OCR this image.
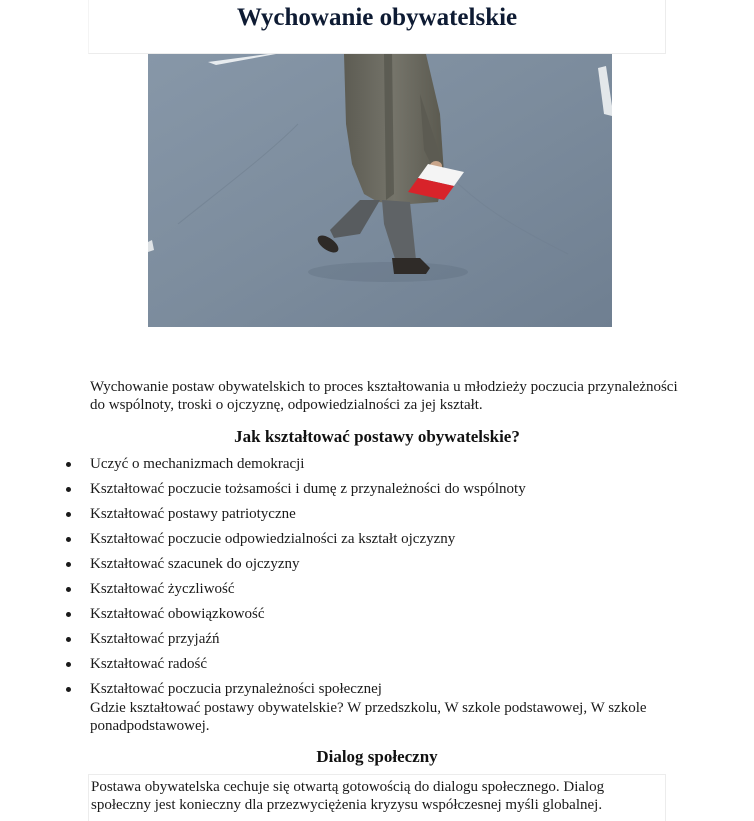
Wychowanie obywatelskie

Wychowanie postaw obywatelskich to proces kształtowania u młodzieży poczucia przynależności do wspólnoty, troski o ojczyznę, odpowiedzialności za jej kształt.

Jak kształtować postawy obywatelskie?
Uczyć o mechanizmach demokracji
Kształtować poczucie tożsamości i dumę z przynależności do wspólnoty
Kształtować postawy patriotyczne
Kształtować poczucie odpowiedzialności za kształt ojczyzny
Kształtować szacunek do ojczyzny
Kształtować życzliwość
Kształtować obowiązkowość
Kształtować przyjaźń
Kształtować radość
Kształtować poczucia przynależności społecznej

Gdzie kształtować postawy obywatelskie? W przedszkolu, W szkole podstawowej, W szkole ponadpodstawowej.

Dialog społeczny

Postawa obywatelska cechuje się otwartą gotowością do dialogu społecznego. Dialog społeczny jest konieczny dla przezwyciężenia kryzysu współczesnej myśli globalnej.
